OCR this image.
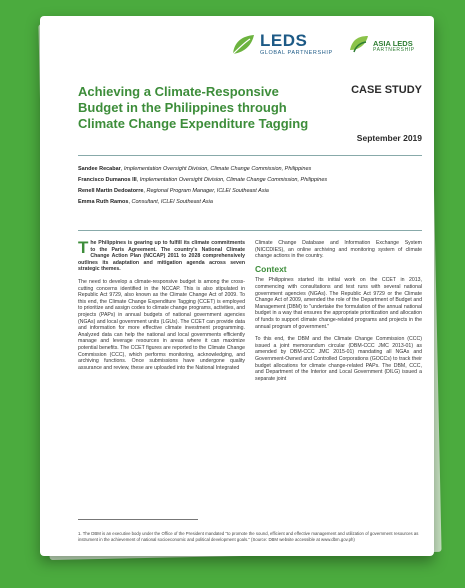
LEDS
GLOBAL PARTNERSHIP
ASIA LEDS
PARTNERSHIP
Achieving a Climate-Responsive
Budget in the Philippines through
Climate Change Expenditure Tagging
CASE STUDY
September 2019

Sandee Recabar, Implementation Oversight Division, Climate Change Commission, Philippines

Francisco Dumanos III, Implementation Oversight Division, Climate Change Commission, Philippines

Renell Martin Dedoatorre, Regional Program Manager, ICLEI Southeast Asia

Emma Ruth Ramos, Consultant, ICLEI Southeast Asia

The Philippines is gearing up to fulfill its climate commitments to the Paris Agreement. The country's National Climate Change Action Plan (NCCAP) 2011 to 2028 comprehensively outlines its adaptation and mitigation agenda across seven strategic themes.

The need to develop a climate-responsive budget is among the cross-cutting concerns identified in the NCCAP. This is also stipulated in Republic Act 9729, also known as the Climate Change Act of 2009. To this end, the Climate Change Expenditure Tagging (CCET) is employed to prioritize and assign codes to climate change programs, activities, and projects (PAPs) in annual budgets of national government agencies (NGAs) and local government units (LGUs). The CCET can provide data and information for more effective climate investment programming. Analyzed data can help the national and local governments efficiently manage and leverage resources in areas where it can maximize potential benefits. The CCET figures are reported to the Climate Change Commission (CCC), which performs monitoring, acknowledging, and archiving functions. Once submissions have undergone quality assurance and review, these are uploaded into the National Integrated

Climate Change Database and Information Exchange System (NICCDIES), an online archiving and monitoring system of climate change actions in the country.

Context

The Philippines started its initial work on the CCET in 2013, commencing with consultations and test runs with several national government agencies (NGAs). The Republic Act 9729 or the Climate Change Act of 2009, amended the role of the Department of Budget and Management (DBM) to "undertake the formulation of the annual national budget in a way that ensures the appropriate prioritization and allocation of funds to support climate change-related programs and projects in the annual program of government."

To this end, the DBM and the Climate Change Commission (CCC) issued a joint memorandum circular (DBM-CCC JMC 2013-01) as amended by DBM-CCC JMC 2015-01) mandating all NGAs and Government-Owned and Controlled Corporations (GOCCs) to track their budget allocations for climate change-related PAPs. The DBM, CCC, and Department of the Interior and Local Government (DILG) issued a separate joint

1. The DBM is an executive body under the Office of the President mandated "to promote the sound, efficient and effective management and utilization of government resources as instrument in the achievement of national socioeconomic and political development goals." (Source: DBM website accessible at www.dbm.gov.ph)
